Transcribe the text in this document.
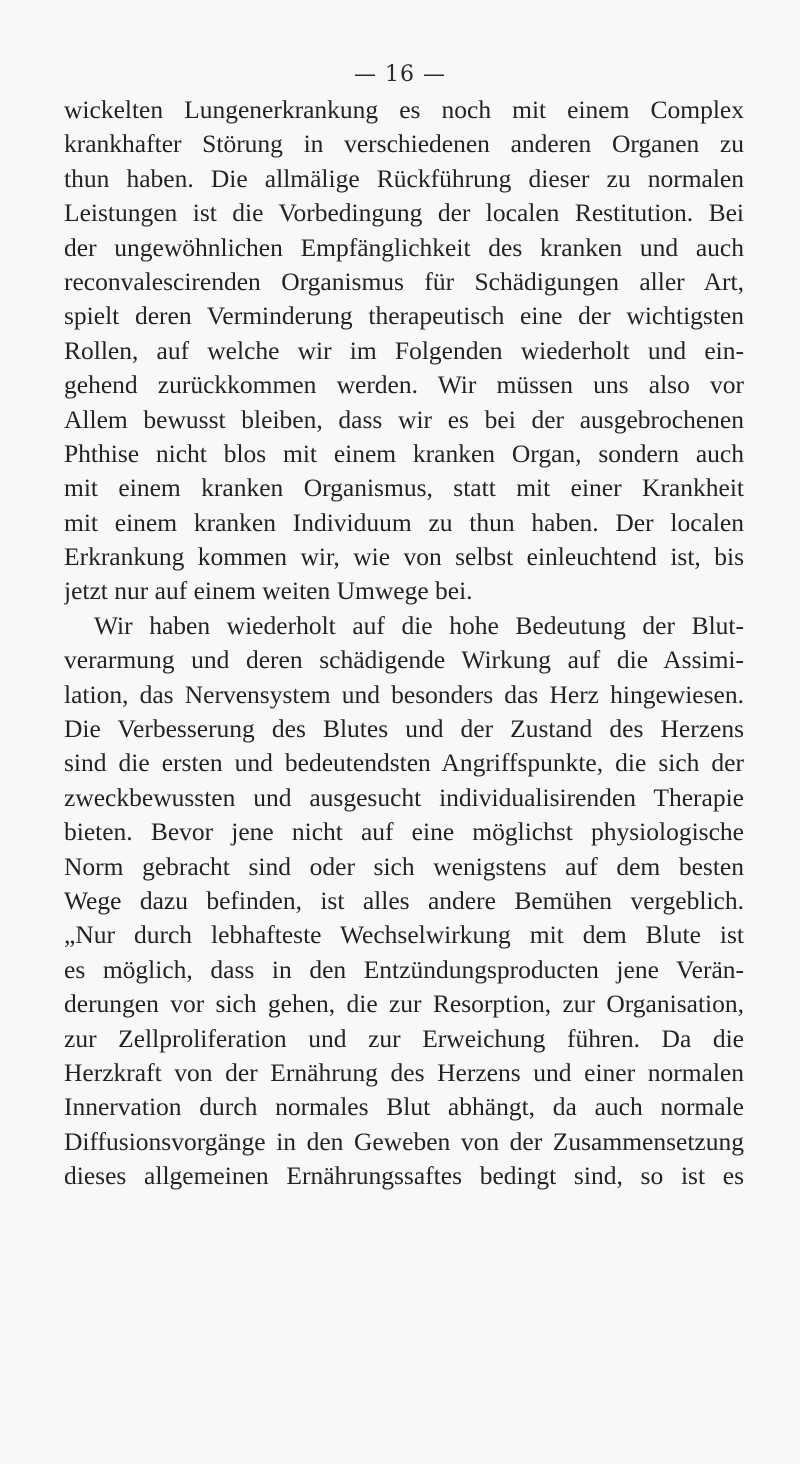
— 16 —
wickelten Lungenerkrankung es noch mit einem Complex
krankhafter Störung in verschiedenen anderen Organen zu
thun haben. Die allmälige Rückführung dieser zu normalen
Leistungen ist die Vorbedingung der localen Restitution. Bei
der ungewöhnlichen Empfänglichkeit des kranken und auch
reconvalescirenden Organismus für Schädigungen aller Art,
spielt deren Verminderung therapeutisch eine der wichtigsten
Rollen, auf welche wir im Folgenden wiederholt und ein-
gehend zurückkommen werden. Wir müssen uns also vor
Allem bewusst bleiben, dass wir es bei der ausgebrochenen
Phthise nicht blos mit einem kranken Organ, sondern auch
mit einem kranken Organismus, statt mit einer Krankheit
mit einem kranken Individuum zu thun haben. Der localen
Erkrankung kommen wir, wie von selbst einleuchtend ist, bis
jetzt nur auf einem weiten Umwege bei.
Wir haben wiederholt auf die hohe Bedeutung der Blut-
verarmung und deren schädigende Wirkung auf die Assimi-
lation, das Nervensystem und besonders das Herz hingewiesen.
Die Verbesserung des Blutes und der Zustand des Herzens
sind die ersten und bedeutendsten Angriffspunkte, die sich der
zweckbewussten und ausgesucht individualisirenden Therapie
bieten. Bevor jene nicht auf eine möglichst physiologische
Norm gebracht sind oder sich wenigstens auf dem besten
Wege dazu befinden, ist alles andere Bemühen vergeblich.
„Nur durch lebhafteste Wechselwirkung mit dem Blute ist
es möglich, dass in den Entzündungsproducten jene Verän-
derungen vor sich gehen, die zur Resorption, zur Organisation,
zur Zellproliferation und zur Erweichung führen. Da die
Herzkraft von der Ernährung des Herzens und einer normalen
Innervation durch normales Blut abhängt, da auch normale
Diffusionsvorgänge in den Geweben von der Zusammensetzung
dieses allgemeinen Ernährungssaftes bedingt sind, so ist es
